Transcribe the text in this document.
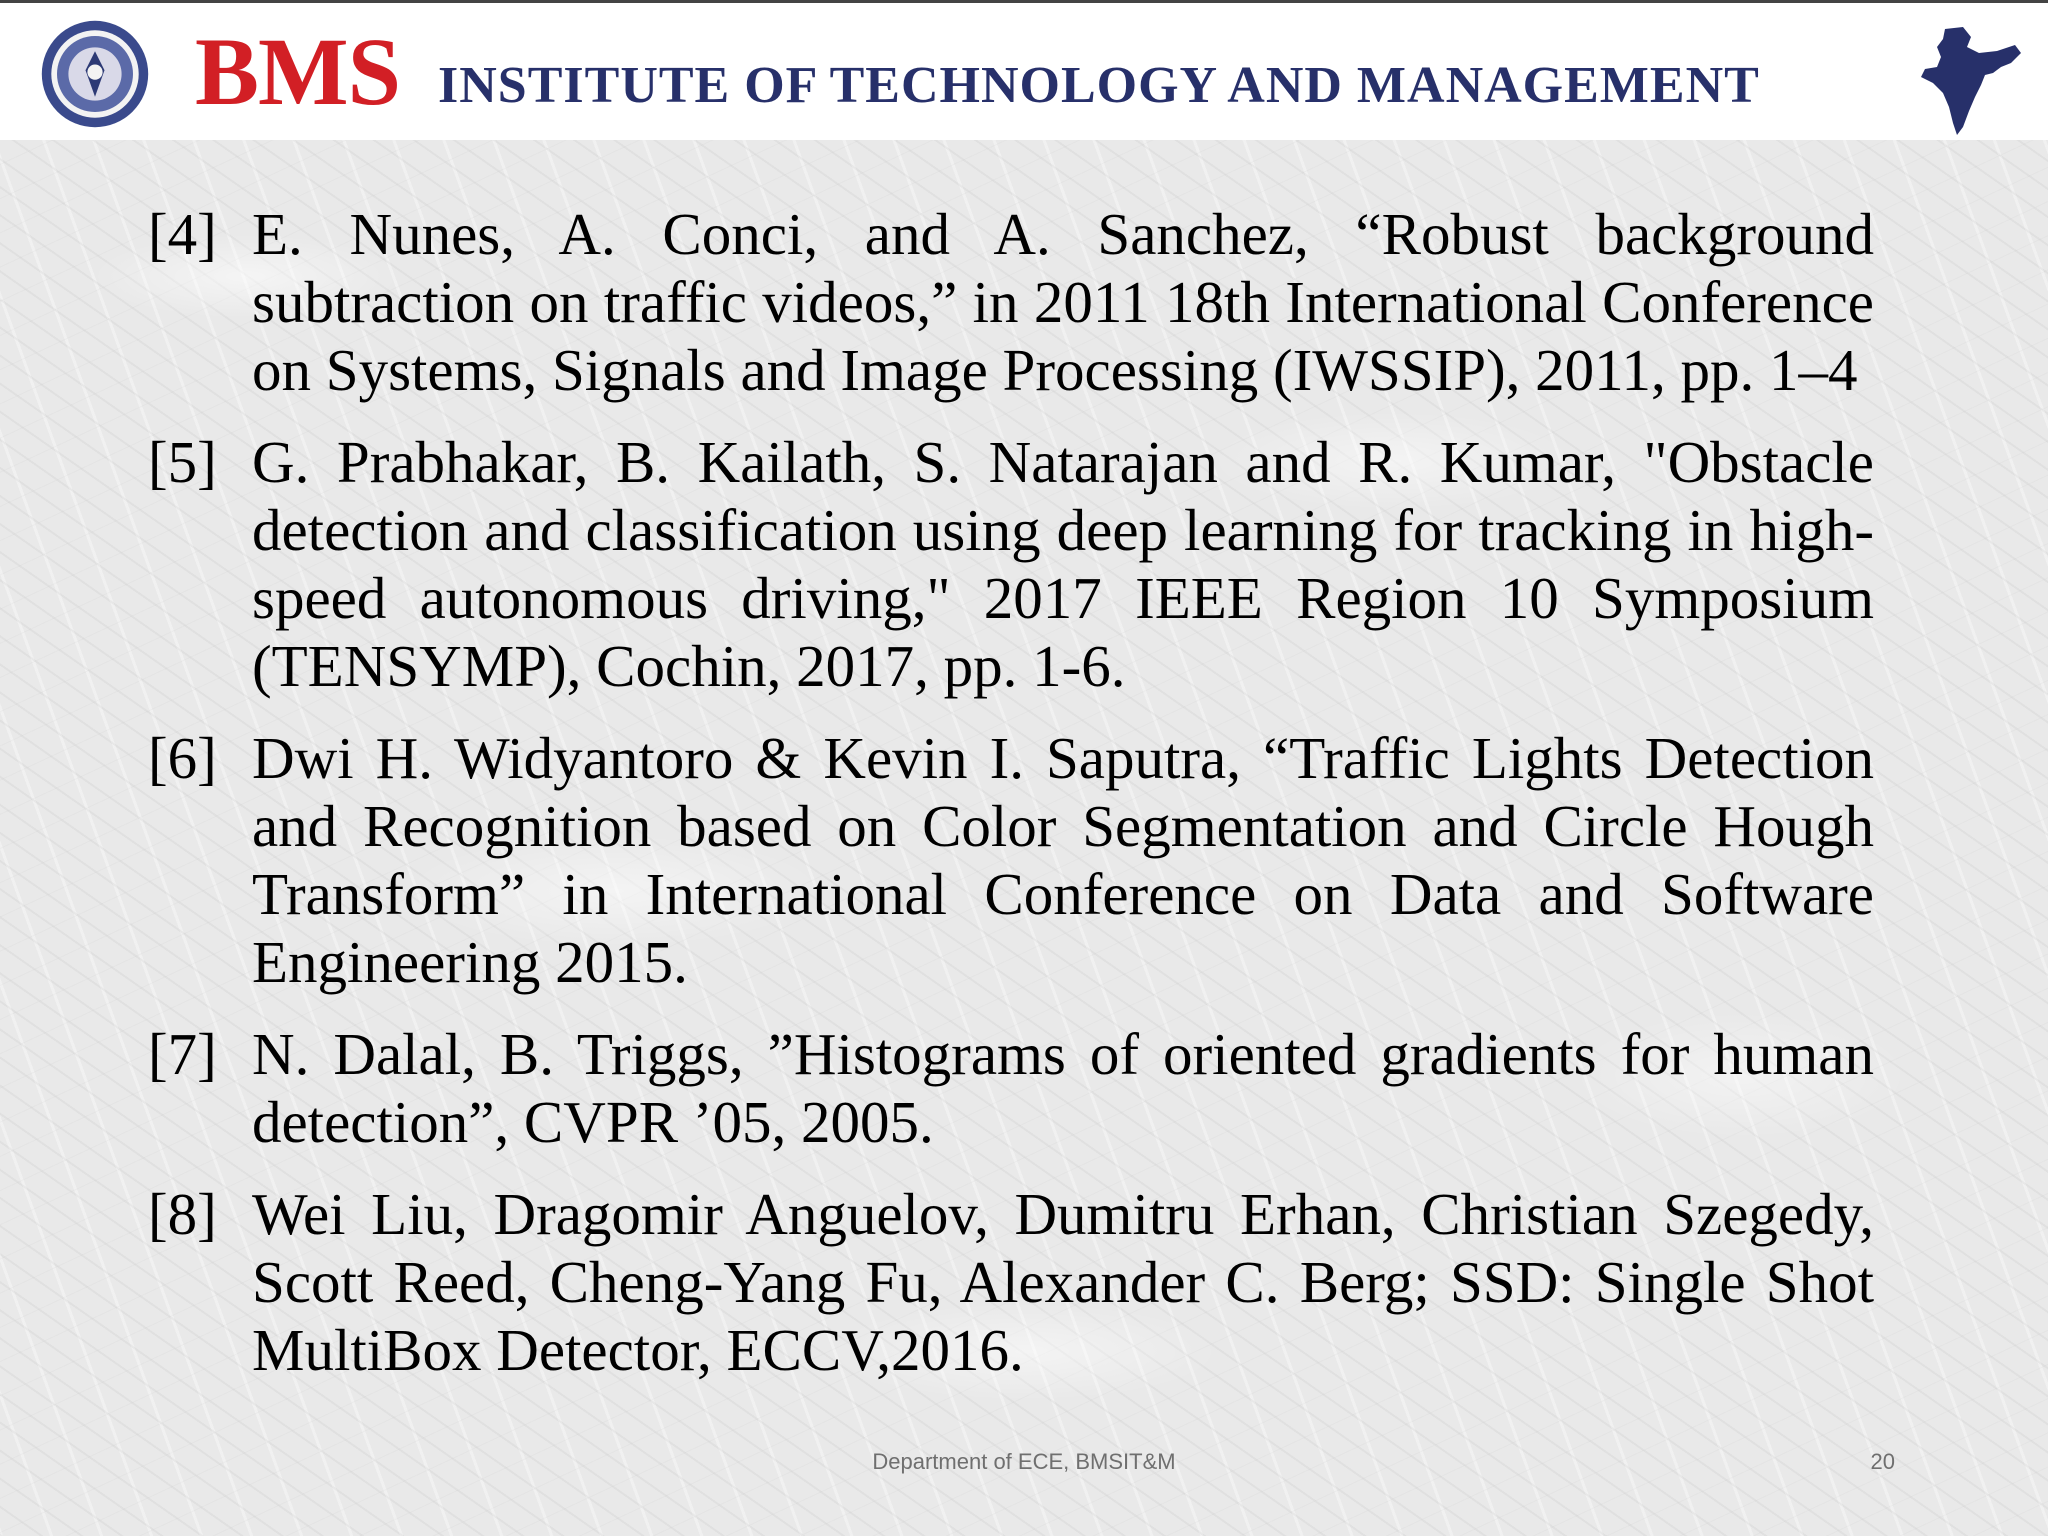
BMS INSTITUTE OF TECHNOLOGY AND MANAGEMENT
[4] E. Nunes, A. Conci, and A. Sanchez, “Robust background subtraction on traffic videos,” in 2011 18th International Conference on Systems, Signals and Image Processing (IWSSIP), 2011, pp. 1–4
[5] G. Prabhakar, B. Kailath, S. Natarajan and R. Kumar, "Obstacle detection and classification using deep learning for tracking in high-speed autonomous driving," 2017 IEEE Region 10 Symposium (TENSYMP), Cochin, 2017, pp. 1-6.
[6] Dwi H. Widyantoro & Kevin I. Saputra, “Traffic Lights Detection and Recognition based on Color Segmentation and Circle Hough Transform” in International Conference on Data and Software Engineering 2015.
[7] N. Dalal, B. Triggs, ”Histograms of oriented gradients for human detection”, CVPR ’05, 2005.
[8] Wei Liu, Dragomir Anguelov, Dumitru Erhan, Christian Szegedy, Scott Reed, Cheng-Yang Fu, Alexander C. Berg; SSD: Single Shot MultiBox Detector, ECCV,2016.
Department of ECE, BMSIT&M	20
